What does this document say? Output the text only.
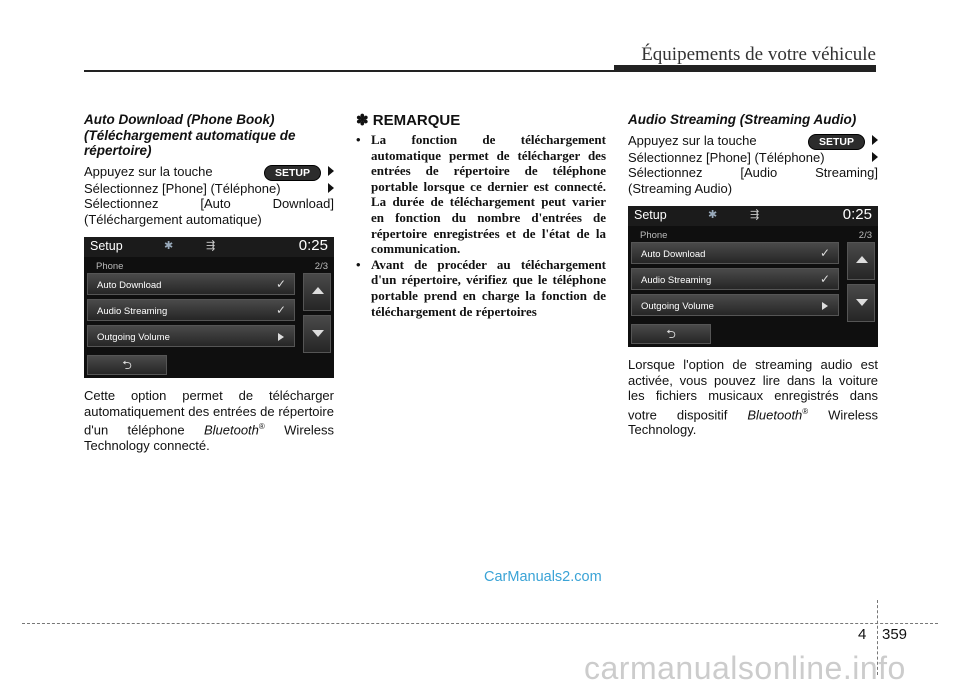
Équipements de votre véhicule
Auto Download (Phone Book)
(Téléchargement automatique de
répertoire)
Appuyez sur la touche	SETUP
Sélectionnez [Phone] (Téléphone)
Sélectionnez	[Auto	Download]
(Téléchargement automatique)
Setup	✱	⇶	0:25
Phone	2/3
Auto Download	✓
Audio Streaming	✓
Outgoing Volume
⮌

Cette option permet de télécharger automatiquement des entrées de répertoire d'un téléphone Bluetooth® Wireless Technology connecté.

✽ REMARQUE
• La fonction de téléchargement automatique permet de télécharger des entrées de répertoire de téléphone portable lorsque ce dernier est connecté. La durée de téléchargement peut varier en fonction du nombre d'entrées de répertoire enregistrées et de l'état de la communication.
• Avant de procéder au téléchargement d'un répertoire, vérifiez que le téléphone portable prend en charge la fonction de téléchargement de répertoires
Audio Streaming (Streaming Audio)
Appuyez sur la touche	SETUP
Sélectionnez [Phone] (Téléphone)
Sélectionnez	[Audio	Streaming]
(Streaming Audio)
Setup	✱	⇶	0:25
Phone	2/3
Auto Download	✓
Audio Streaming	✓
Outgoing Volume
⮌

Lorsque l'option de streaming audio est activée, vous pouvez lire dans la voiture les fichiers musicaux enregistrés dans votre dispositif Bluetooth® Wireless Technology.

CarManuals2.com
4 359
carmanualsonline.info
